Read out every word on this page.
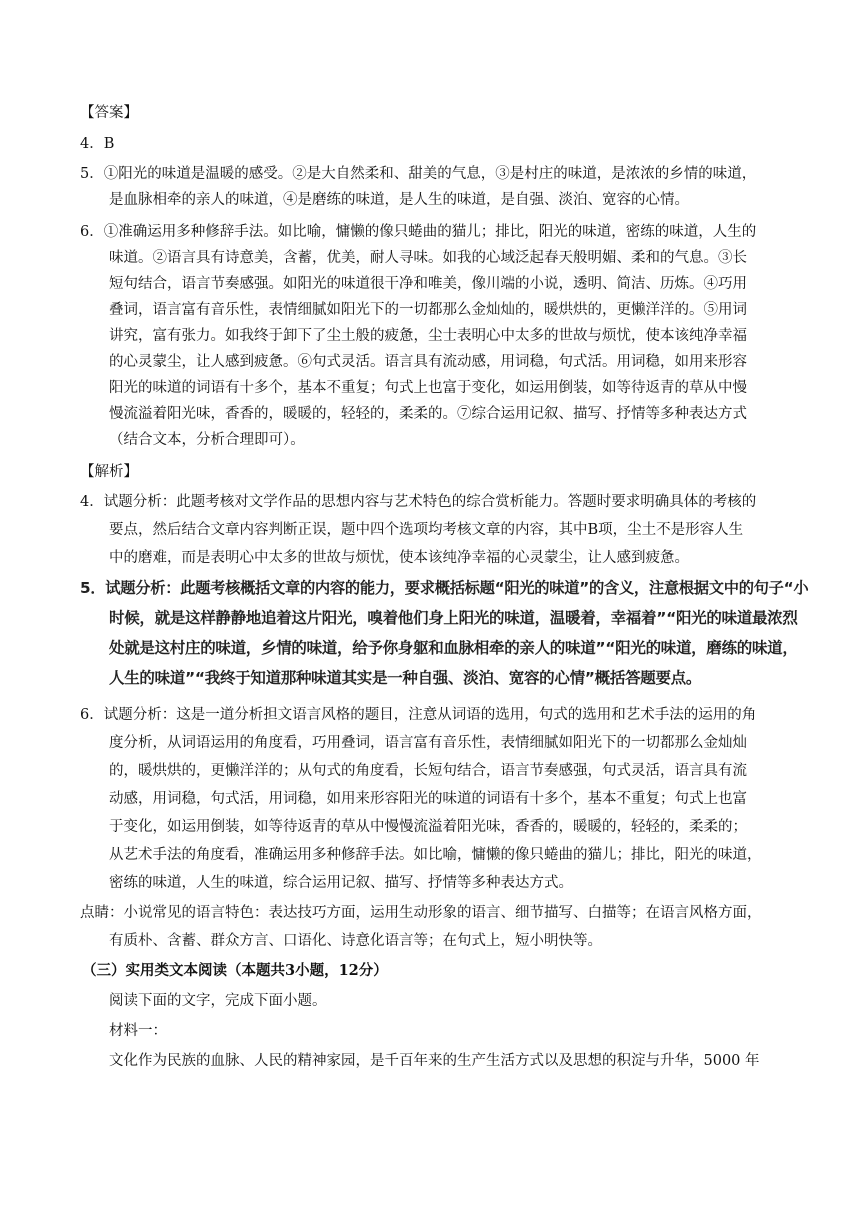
【答案】
4．B
5．①阳光的味道是温暖的感受。②是大自然柔和、甜美的气息，③是村庄的味道，是浓浓的乡情的味道，
是血脉相牵的亲人的味道，④是磨练的味道，是人生的味道，是自强、淡泊、宽容的心情。
6．①准确运用多种修辞手法。如比喻，慵懒的像只蜷曲的猫儿；排比，阳光的味道，密练的味道，人生的
味道。②语言具有诗意美，含蓄，优美，耐人寻味。如我的心域泛起春天般明媚、柔和的气息。③长
短句结合，语言节奏感强。如阳光的味道很干净和唯美，像川端的小说，透明、简洁、历炼。④巧用
叠词，语言富有音乐性，表情细腻如阳光下的一切都那么金灿灿的，暖烘烘的，更懒洋洋的。⑤用词
讲究，富有张力。如我终于卸下了尘土般的疲惫，尘士表明心中太多的世故与烦忧，使本该纯净幸福
的心灵蒙尘，让人感到疲惫。⑥句式灵活。语言具有流动感，用词稳，句式活。用词稳，如用来形容
阳光的味道的词语有十多个，基本不重复；句式上也富于变化，如运用倒装，如等待返青的草从中慢
慢流溢着阳光味，香香的，暖暖的，轻轻的，柔柔的。⑦综合运用记叙、描写、抒情等多种表达方式
（结合文本，分析合理即可）。
【解析】
4．试题分析：此题考核对文学作品的思想内容与艺术特色的综合赏析能力。答题时要求明确具体的考核的
要点，然后结合文章内容判断正误，题中四个选项均考核文章的内容，其中B项，尘土不是形容人生
中的磨难，而是表明心中太多的世故与烦忧，使本该纯净幸福的心灵蒙尘，让人感到疲惫。
5．试题分析：此题考核概括文章的内容的能力，要求概括标题“阳光的味道”的含义，注意根据文中的句子“小
时候，就是这样静静地追着这片阳光，嗅着他们身上阳光的味道，温暖着，幸福着”“阳光的味道最浓烈
处就是这村庄的味道，乡情的味道，给予你身躯和血脉相牵的亲人的味道”“阳光的味道，磨练的味道，
人生的味道”“我终于知道那种味道其实是一种自强、淡泊、宽容的心情”概括答题要点。
6．试题分析：这是一道分析担文语言风格的题目，注意从词语的选用，句式的选用和艺术手法的运用的角
度分析，从词语运用的角度看，巧用叠词，语言富有音乐性，表情细腻如阳光下的一切都那么金灿灿
的，暖烘烘的，更懒洋洋的；从句式的角度看，长短句结合，语言节奏感强，句式灵活，语言具有流
动感，用词稳，句式活，用词稳，如用来形容阳光的味道的词语有十多个，基本不重复；句式上也富
于变化，如运用倒装，如等待返青的草从中慢慢流溢着阳光味，香香的，暖暖的，轻轻的，柔柔的；
从艺术手法的角度看，准确运用多种修辞手法。如比喻，慵懒的像只蜷曲的猫儿；排比，阳光的味道，
密练的味道，人生的味道，综合运用记叙、描写、抒情等多种表达方式。
点睛：小说常见的语言特色：表达技巧方面，运用生动形象的语言、细节描写、白描等；在语言风格方面，
有质朴、含蓄、群众方言、口语化、诗意化语言等；在句式上，短小明快等。
（三）实用类文本阅读（本题共3小题，12分）
阅读下面的文字，完成下面小题。
材料一：
文化作为民族的血脉、人民的精神家园，是千百年来的生产生活方式以及思想的积淀与升华，5000 年
